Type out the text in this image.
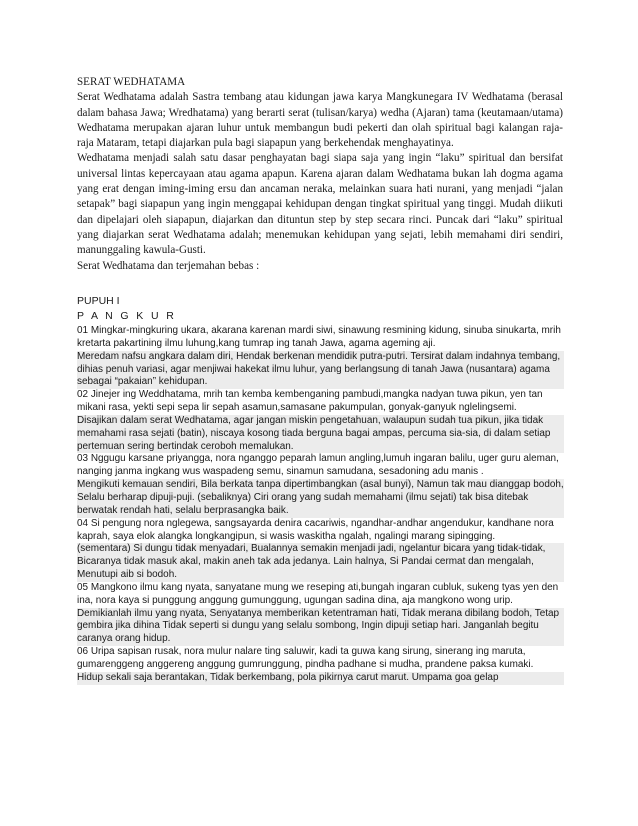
SERAT WEDHATAMA

Serat Wedhatama adalah Sastra tembang atau kidungan jawa karya Mangkunegara IV Wedhatama (berasal dalam bahasa Jawa; Wredhatama) yang berarti serat (tulisan/karya) wedha (Ajaran) tama (keutamaan/utama) Wedhatama merupakan ajaran luhur untuk membangun budi pekerti dan olah spiritual bagi kalangan raja-raja Mataram, tetapi diajarkan pula bagi siapapun yang berkehendak menghayatinya.

Wedhatama menjadi salah satu dasar penghayatan bagi siapa saja yang ingin “laku” spiritual dan bersifat universal lintas kepercayaan atau agama apapun. Karena ajaran dalam Wedhatama bukan lah dogma agama yang erat dengan iming-iming ersu dan ancaman neraka, melainkan suara hati nurani, yang menjadi “jalan setapak” bagi siapapun yang ingin menggapai kehidupan dengan tingkat spiritual yang tinggi. Mudah diikuti dan dipelajari oleh siapapun, diajarkan dan dituntun step by step secara rinci. Puncak dari “laku” spiritual yang diajarkan serat Wedhatama adalah; menemukan kehidupan yang sejati, lebih memahami diri sendiri, manunggaling kawula-Gusti.

Serat Wedhatama dan terjemahan bebas :

PUPUH I

P A N G K U R

01 Mingkar-mingkuring ukara, akarana karenan mardi siwi, sinawung resmining kidung, sinuba sinukarta, mrih kretarta pakartining ilmu luhung,kang tumrap ing tanah Jawa, agama ageming aji.

Meredam nafsu angkara dalam diri, Hendak berkenan mendidik putra-putri. Tersirat dalam indahnya tembang, dihias penuh variasi, agar menjiwai hakekat ilmu luhur, yang berlangsung di tanah Jawa (nusantara) agama sebagai “pakaian” kehidupan.

02 Jinejer ing Weddhatama, mrih tan kemba kembenganing pambudi,mangka nadyan tuwa pikun, yen tan mikani rasa, yekti sepi sepa lir sepah asamun,samasane pakumpulan, gonyak-ganyuk nglelingsemi.

Disajikan dalam serat Wedhatama, agar jangan miskin pengetahuan, walaupun sudah tua pikun, jika tidak memahami rasa sejati (batin), niscaya kosong tiada berguna bagai ampas, percuma sia-sia, di dalam setiap pertemuan sering bertindak ceroboh memalukan.

03 Nggugu karsane priyangga, nora nganggo peparah lamun angling,lumuh ingaran balilu, uger guru aleman, nanging janma ingkang wus waspadeng semu, sinamun samudana, sesadoning adu manis .

Mengikuti kemauan sendiri, Bila berkata tanpa dipertimbangkan (asal bunyi), Namun tak mau dianggap bodoh, Selalu berharap dipuji-puji. (sebaliknya) Ciri orang yang sudah memahami (ilmu sejati) tak bisa ditebak berwatak rendah hati, selalu berprasangka baik.

04 Si pengung nora nglegewa, sangsayarda denira cacariwis, ngandhar-andhar angendukur, kandhane nora kaprah, saya elok alangka longkangipun, si wasis waskitha ngalah, ngalingi marang sipingging.

(sementara) Si dungu tidak menyadari, Bualannya semakin menjadi jadi, ngelantur bicara yang tidak-tidak, Bicaranya tidak masuk akal, makin aneh tak ada jedanya. Lain halnya, Si Pandai cermat dan mengalah, Menutupi aib si bodoh.

05 Mangkono ilmu kang nyata, sanyatane mung we reseping ati,bungah ingaran cubluk, sukeng tyas yen den ina, nora kaya si punggung anggung gumunggung, ugungan sadina dina, aja mangkono wong urip.

Demikianlah ilmu yang nyata, Senyatanya memberikan ketentraman hati, Tidak merana dibilang bodoh, Tetap gembira jika dihina Tidak seperti si dungu yang selalu sombong, Ingin dipuji setiap hari. Janganlah begitu caranya orang hidup.

06 Uripa sapisan rusak, nora mulur nalare ting saluwir, kadi ta guwa kang sirung, sinerang ing maruta, gumarenggeng anggereng anggung gumrunggung, pindha padhane si mudha, prandene paksa kumaki.

Hidup sekali saja berantakan, Tidak berkembang, pola pikirnya carut marut. Umpama goa gelap
